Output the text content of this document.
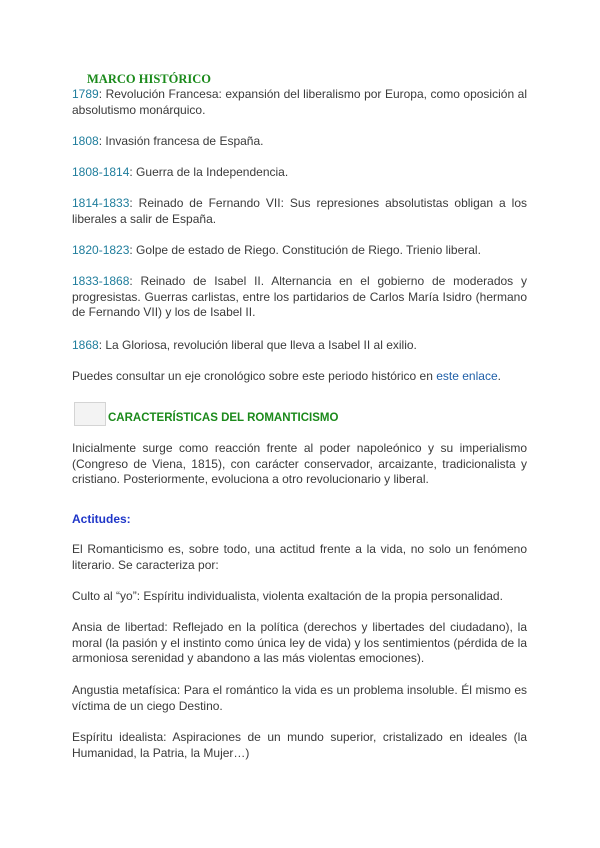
MARCO HISTÓRICO
1789: Revolución Francesa: expansión del liberalismo por Europa, como oposición al absolutismo monárquico.
1808: Invasión francesa de España.
1808-1814: Guerra de la Independencia.
1814-1833: Reinado de Fernando VII: Sus represiones absolutistas obligan a los liberales a salir de España.
1820-1823: Golpe de estado de Riego. Constitución de Riego. Trienio liberal.
1833-1868: Reinado de Isabel II. Alternancia en el gobierno de moderados y progresistas. Guerras carlistas, entre los partidarios de Carlos María Isidro (hermano de Fernando VII) y los de Isabel II.
1868: La Gloriosa, revolución liberal que lleva a Isabel II al exilio.
Puedes consultar un eje cronológico sobre este periodo histórico en este enlace.
CARACTERÍSTICAS DEL ROMANTICISMO
Inicialmente surge como reacción frente al poder napoleónico y su imperialismo (Congreso de Viena, 1815), con carácter conservador, arcaizante, tradicionalista y cristiano. Posteriormente, evoluciona a otro revolucionario y liberal.
Actitudes:
El Romanticismo es, sobre todo, una actitud frente a la vida, no solo un fenómeno literario. Se caracteriza por:
Culto al “yo”: Espíritu individualista, violenta exaltación de la propia personalidad.
Ansia de libertad: Reflejado en la política (derechos y libertades del ciudadano), la moral (la pasión y el instinto como única ley de vida) y los sentimientos (pérdida de la armoniosa serenidad y abandono a las más violentas emociones).
Angustia metafísica: Para el romántico la vida es un problema insoluble. Él mismo es víctima de un ciego Destino.
Espíritu idealista: Aspiraciones de un mundo superior, cristalizado en ideales (la Humanidad, la Patria, la Mujer…)
